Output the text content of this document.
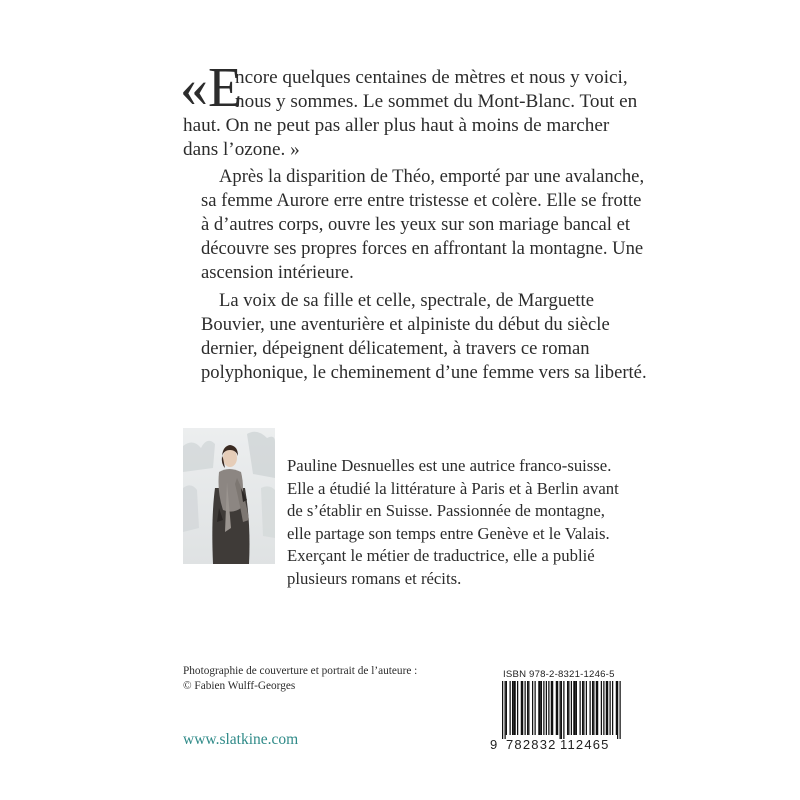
«E
ncore quelques centaines de mètres et nous y voici,
nous y sommes. Le sommet du Mont-Blanc. Tout en
haut. On ne peut pas aller plus haut à moins de marcher
dans l’ozone. »

Après la disparition de Théo, emporté par une avalanche,
sa femme Aurore erre entre tristesse et colère. Elle se frotte
à d’autres corps, ouvre les yeux sur son mariage bancal et
découvre ses propres forces en affrontant la montagne. Une
ascension intérieure.

La voix de sa fille et celle, spectrale, de Marguette
Bouvier, une aventurière et alpiniste du début du siècle
dernier, dépeignent délicatement, à travers ce roman
polyphonique, le cheminement d’une femme vers sa liberté.

Pauline Desnuelles est une autrice franco-suisse.
Elle a étudié la littérature à Paris et à Berlin avant
de s’établir en Suisse. Passionnée de montagne,
elle partage son temps entre Genève et le Valais.
Exerçant le métier de traductrice, elle a publié
plusieurs romans et récits.
Photographie de couverture et portrait de l’auteure :
© Fabien Wulff-Georges
www.slatkine.com
ISBN 978-2-8321-1246-5
9 782832 112465
